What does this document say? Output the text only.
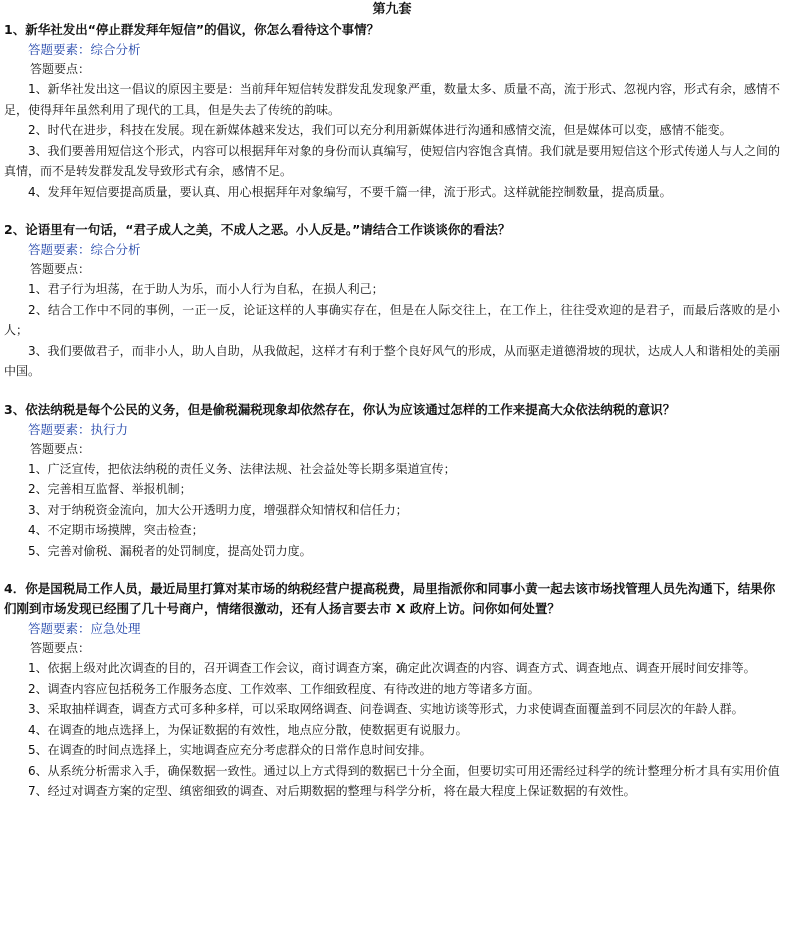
第九套

1、新华社发出“停止群发拜年短信”的倡议，你怎么看待这个事情？

答题要素：综合分析

答题要点：

1、新华社发出这一倡议的原因主要是：当前拜年短信转发群发乱发现象严重，数量太多、质量不高，流于形式、忽视内容，形式有余，感情不足，使得拜年虽然利用了现代的工具，但是失去了传统的韵味。

2、时代在进步，科技在发展。现在新媒体越来发达，我们可以充分利用新媒体进行沟通和感情交流，但是媒体可以变，感情不能变。

3、我们要善用短信这个形式，内容可以根据拜年对象的身份而认真编写，使短信内容饱含真情。我们就是要用短信这个形式传递人与人之间的真情，而不是转发群发乱发导致形式有余，感情不足。

4、发拜年短信要提高质量，要认真、用心根据拜年对象编写，不要千篇一律，流于形式。这样就能控制数量，提高质量。

2、论语里有一句话，“君子成人之美，不成人之恶。小人反是。”请结合工作谈谈你的看法？

答题要素：综合分析

答题要点：

1、君子行为坦荡，在于助人为乐，而小人行为自私，在损人利己；

2、结合工作中不同的事例，一正一反，论证这样的人事确实存在，但是在人际交往上，在工作上，往往受欢迎的是君子，而最后落败的是小人；

3、我们要做君子，而非小人，助人自助，从我做起，这样才有利于整个良好风气的形成，从而驱走道德滑坡的现状，达成人人和谐相处的美丽中国。

3、依法纳税是每个公民的义务，但是偷税漏税现象却依然存在，你认为应该通过怎样的工作来提高大众依法纳税的意识？

答题要素：执行力

答题要点：

1、广泛宣传，把依法纳税的责任义务、法律法规、社会益处等长期多渠道宣传；

2、完善相互监督、举报机制；

3、对于纳税资金流向，加大公开透明力度，增强群众知情权和信任力；

4、不定期市场摸牌，突击检查；

5、完善对偷税、漏税者的处罚制度，提高处罚力度。

4．你是国税局工作人员，最近局里打算对某市场的纳税经营户提高税费，局里指派你和同事小黄一起去该市场找管理人员先沟通下，结果你们刚到市场发现已经围了几十号商户，情绪很激动，还有人扬言要去市 X 政府上访。问你如何处置？

答题要素：应急处理

答题要点：

1、依据上级对此次调查的目的，召开调查工作会议，商讨调查方案，确定此次调查的内容、调查方式、调查地点、调查开展时间安排等。

2、调查内容应包括税务工作服务态度、工作效率、工作细致程度、有待改进的地方等诸多方面。

3、采取抽样调查，调查方式可多种多样，可以采取网络调查、问卷调查、实地访谈等形式，力求使调查面覆盖到不同层次的年龄人群。

4、在调查的地点选择上，为保证数据的有效性，地点应分散，使数据更有说服力。

5、在调查的时间点选择上，实地调查应充分考虑群众的日常作息时间安排。

6、从系统分析需求入手，确保数据一致性。通过以上方式得到的数据已十分全面，但要切实可用还需经过科学的统计整理分析才具有实用价值

7、经过对调查方案的定型、缜密细致的调查、对后期数据的整理与科学分析，将在最大程度上保证数据的有效性。
